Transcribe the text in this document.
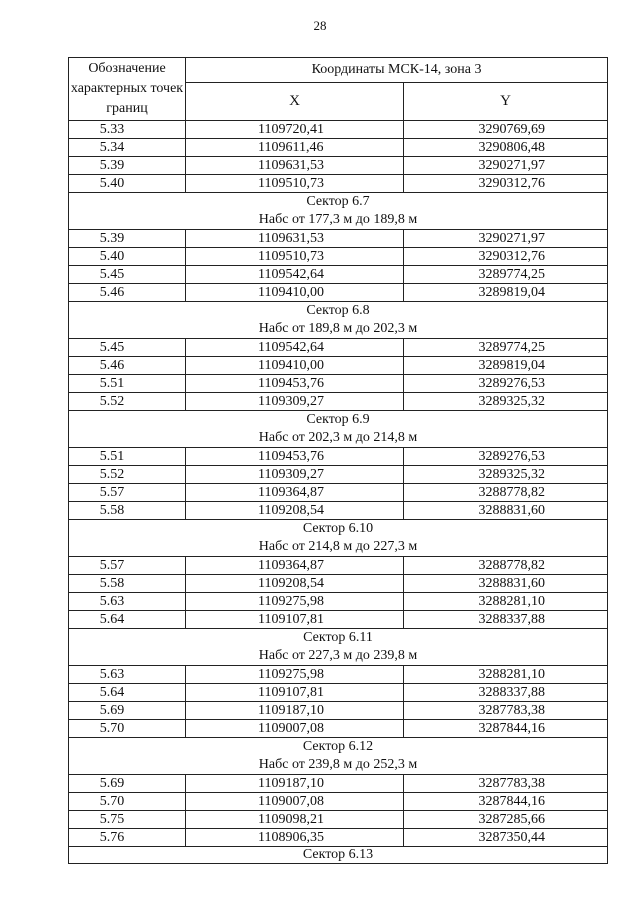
28
Обозначение характерных точек границ	Координаты МСК-14, зона 3	
	X	Y
5.33	1109720,41	3290769,69
5.34	1109611,46	3290806,48
5.39	1109631,53	3290271,97
5.40	1109510,73	3290312,76

Сектор 6.7
Набс от 177,3 м до 189,8 м		

5.39	1109631,53	3290271,97
5.40	1109510,73	3290312,76
5.45	1109542,64	3289774,25
5.46	1109410,00	3289819,04

Сектор 6.8
Набс от 189,8 м до 202,3 м		

5.45	1109542,64	3289774,25
5.46	1109410,00	3289819,04
5.51	1109453,76	3289276,53
5.52	1109309,27	3289325,32

Сектор 6.9
Набс от 202,3 м до 214,8 м		

5.51	1109453,76	3289276,53
5.52	1109309,27	3289325,32
5.57	1109364,87	3288778,82
5.58	1109208,54	3288831,60

Сектор 6.10
Набс от 214,8 м до 227,3 м		

5.57	1109364,87	3288778,82
5.58	1109208,54	3288831,60
5.63	1109275,98	3288281,10
5.64	1109107,81	3288337,88

Сектор 6.11
Набс от 227,3 м до 239,8 м		

5.63	1109275,98	3288281,10
5.64	1109107,81	3288337,88
5.69	1109187,10	3287783,38
5.70	1109007,08	3287844,16

Сектор 6.12
Набс от 239,8 м до 252,3 м		

5.69	1109187,10	3287783,38
5.70	1109007,08	3287844,16
5.75	1109098,21	3287285,66
5.76	1108906,35	3287350,44

Сектор 6.13		
